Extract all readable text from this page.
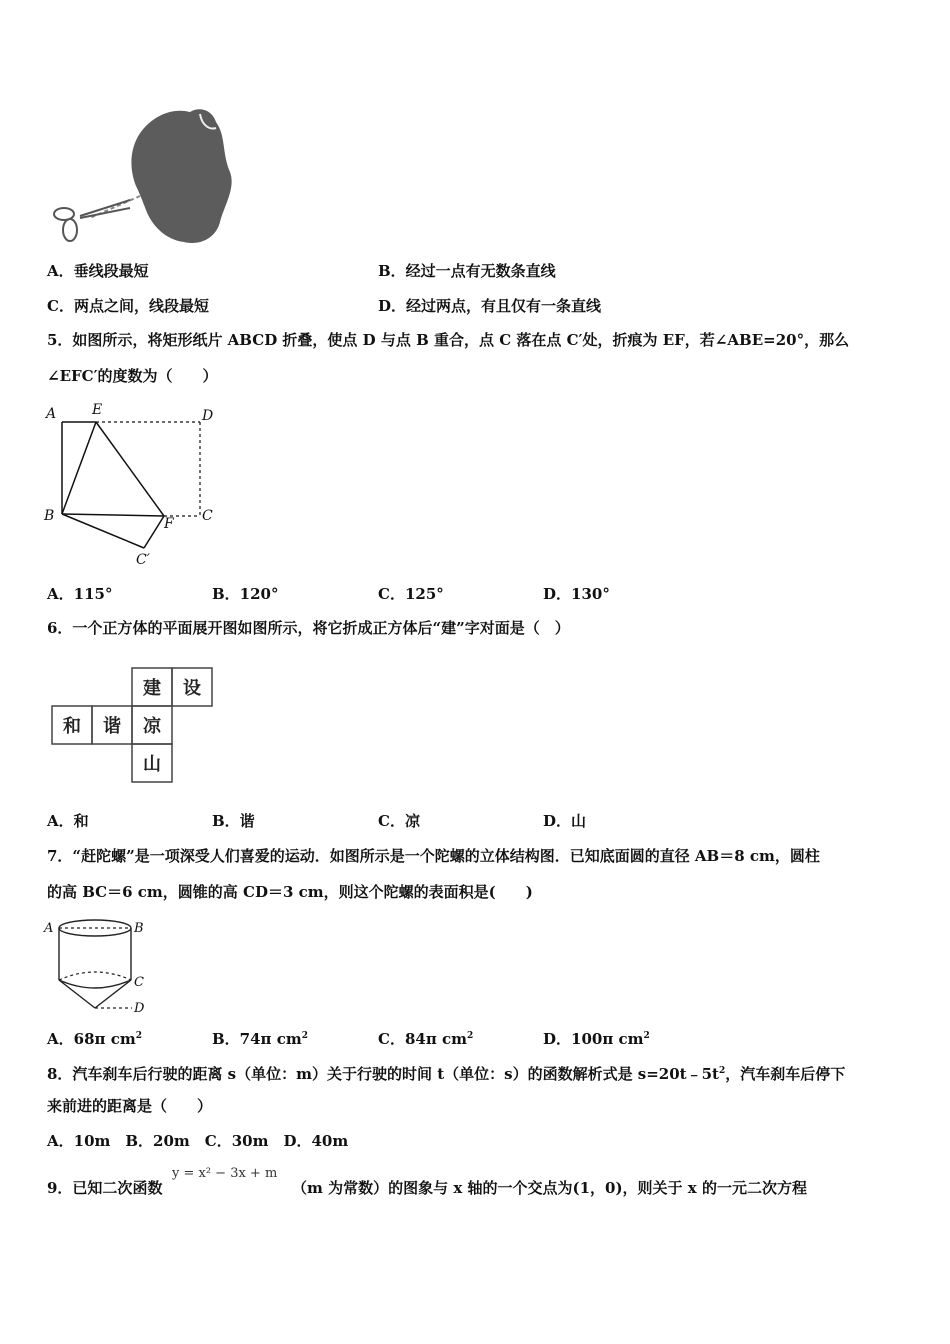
A．垂线段最短	B．经过一点有无数条直线
C．两点之间，线段最短	D．经过两点，有且仅有一条直线
5．如图所示，将矩形纸片 ABCD 折叠，使点 D 与点 B 重合，点 C 落在点 C′处，折痕为 EF，若∠ABE=20°，那么
∠EFC′的度数为（　　）
A	E	D
B	F C
C′
A．115°	B．120°	C．125°	D．130°
6．一个正方体的平面展开图如图所示，将它折成正方体后“建”字对面是（　）
建 设
和 谐 凉
山
A．和	B．谐	C．凉	D．山
7．“赶陀螺”是一项深受人们喜爱的运动．如图所示是一个陀螺的立体结构图．已知底面圆的直径 AB＝8 cm，圆柱
的高 BC＝6 cm，圆锥的高 CD＝3 cm，则这个陀螺的表面积是(　　)
A	B
C
D
A．68π $cm^2$	B．74π $cm^2$	C．84π $cm^2$	D．100π $cm^2$
8．汽车刹车后行驶的距离 s（单位：m）关于行驶的时间 t（单位：s）的函数解析式是 $s=20t﹣5t^2$，汽车刹车后停下
来前进的距离是（　　）
A．10m　B．20m　C．30m　D．40m
9．已知二次函数
y = x² − 3x + m
（m 为常数）的图象与 x 轴的一个交点为(1，0)，则关于 x 的一元二次方程
